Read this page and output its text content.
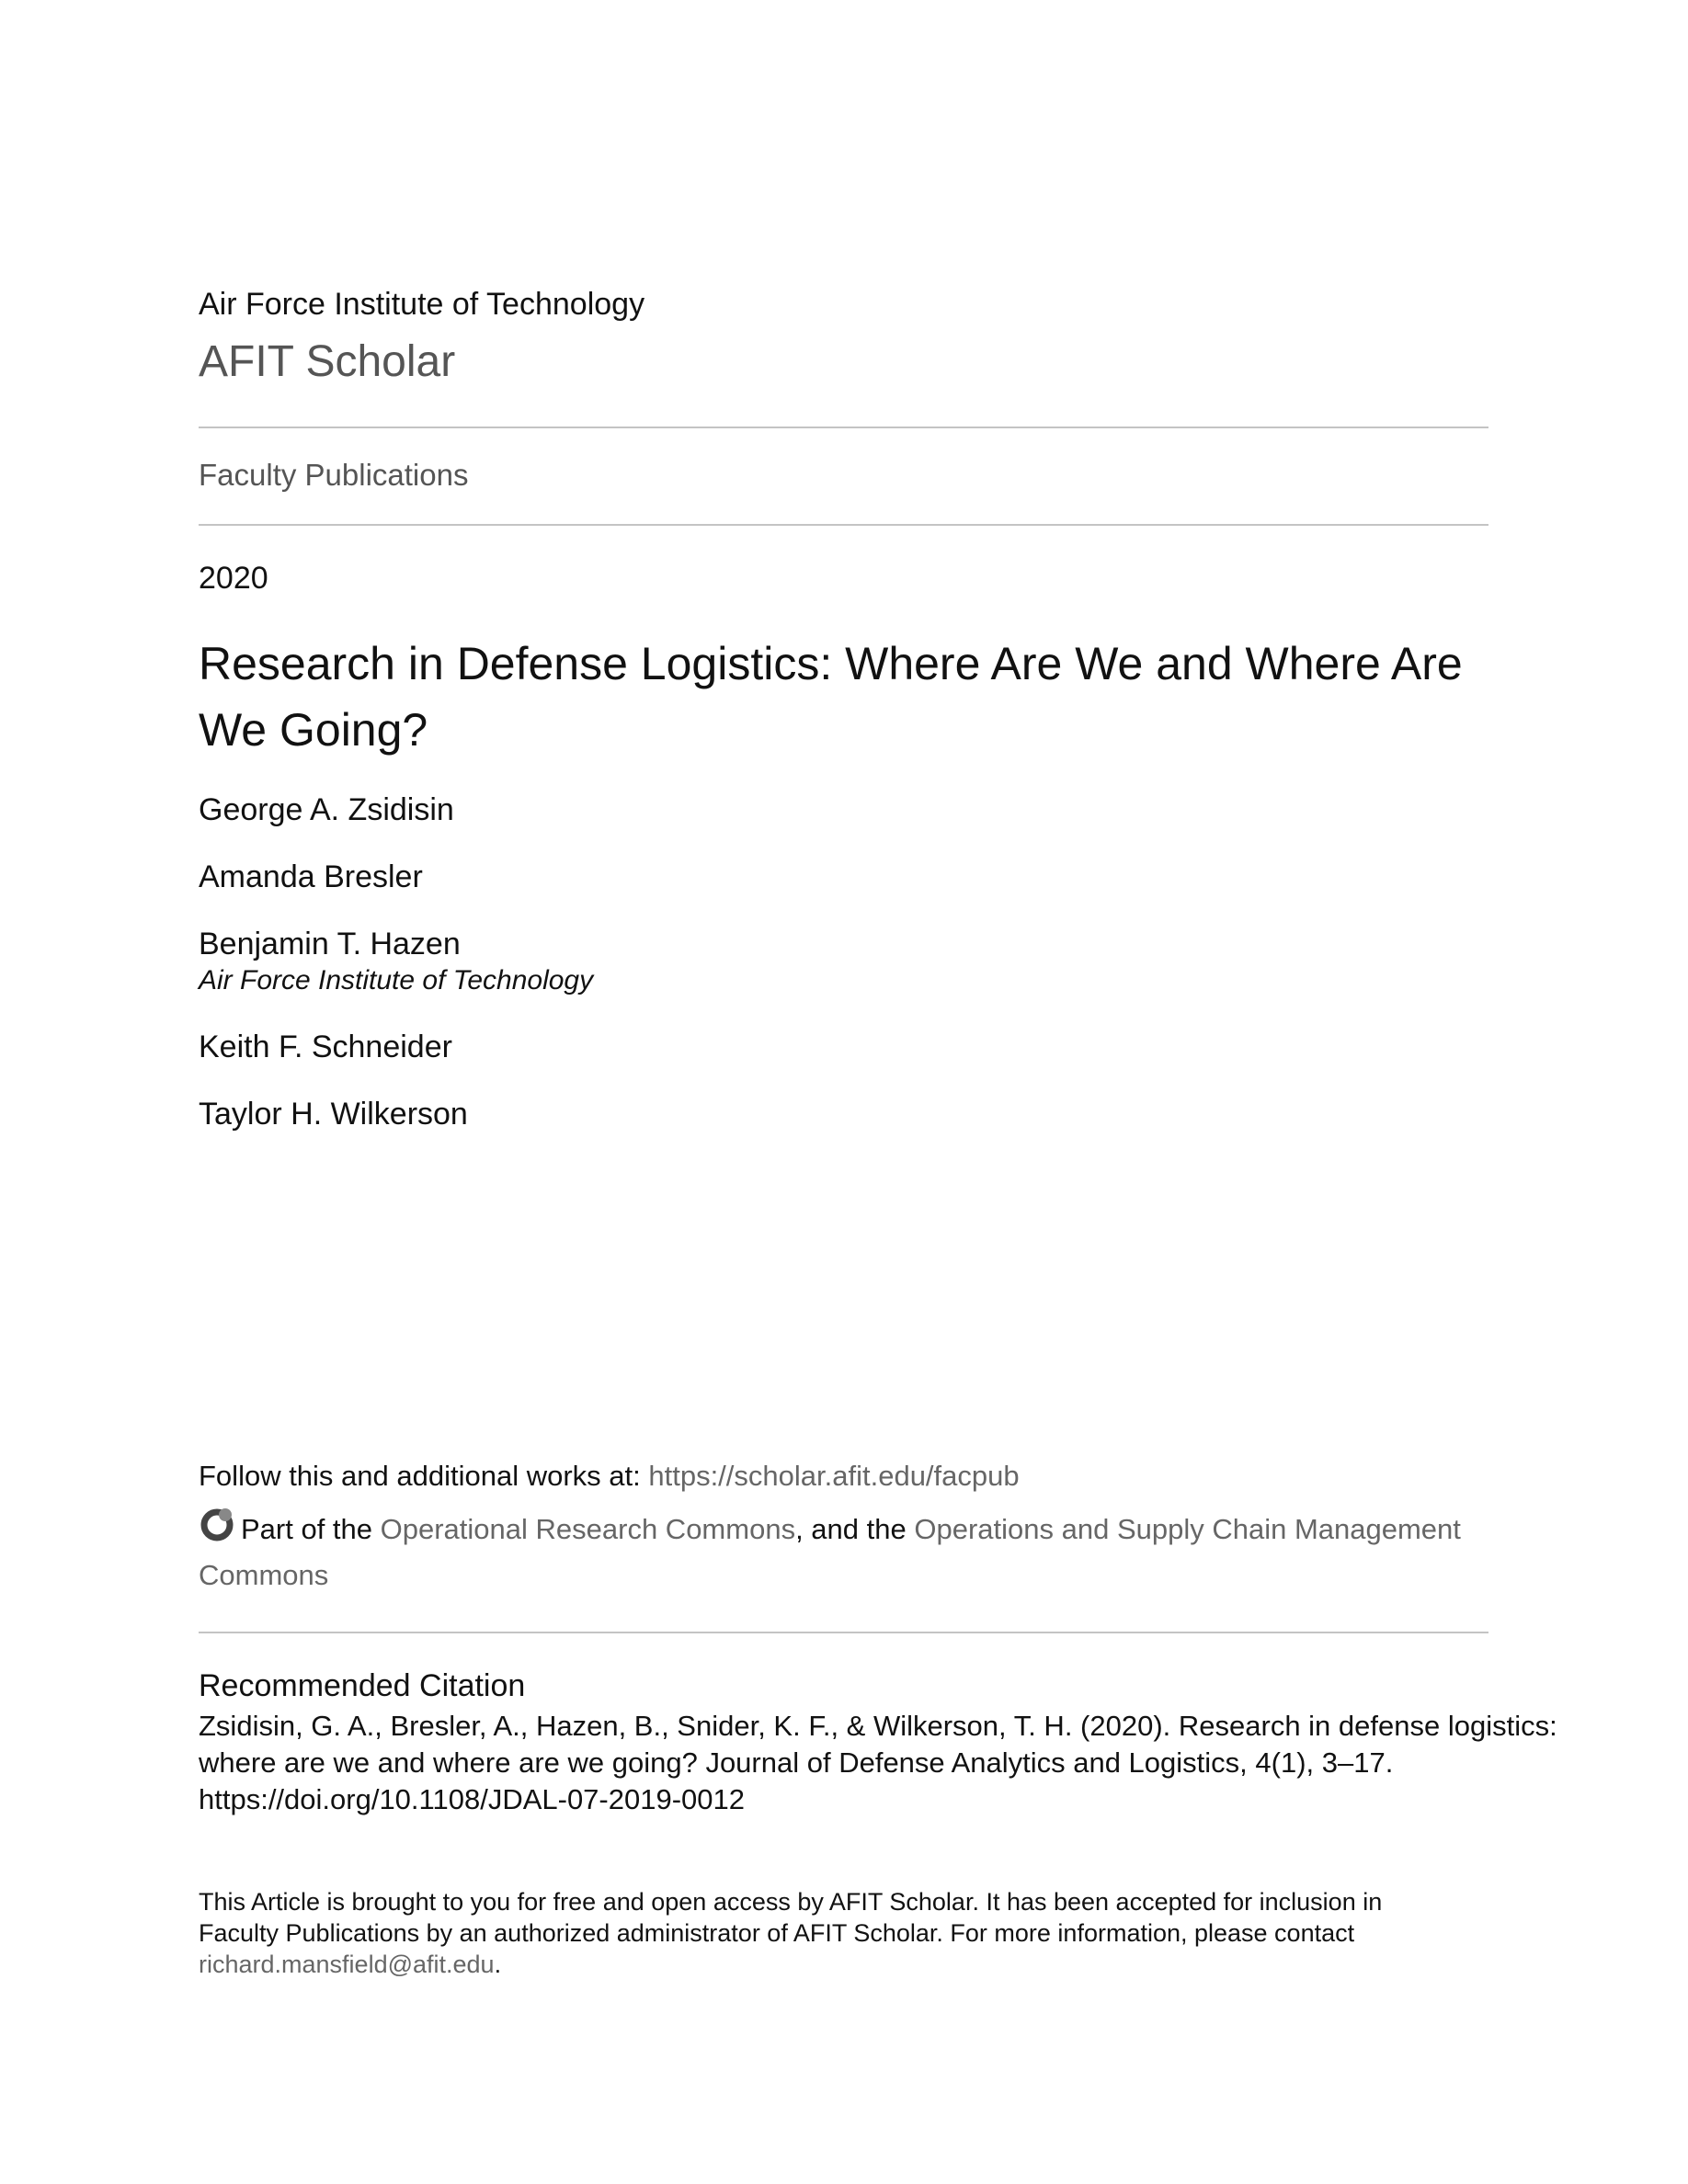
Air Force Institute of Technology
AFIT Scholar
Faculty Publications
2020
Research in Defense Logistics: Where Are We and Where Are We Going?
George A. Zsidisin
Amanda Bresler
Benjamin T. Hazen
Air Force Institute of Technology
Keith F. Schneider
Taylor H. Wilkerson
Follow this and additional works at: https://scholar.afit.edu/facpub
Part of the Operational Research Commons, and the Operations and Supply Chain Management
Commons
Recommended Citation
Zsidisin, G. A., Bresler, A., Hazen, B., Snider, K. F., & Wilkerson, T. H. (2020). Research in defense logistics:
where are we and where are we going? Journal of Defense Analytics and Logistics, 4(1), 3–17.
https://doi.org/10.1108/JDAL-07-2019-0012
This Article is brought to you for free and open access by AFIT Scholar. It has been accepted for inclusion in
Faculty Publications by an authorized administrator of AFIT Scholar. For more information, please contact
richard.mansfield@afit.edu.
